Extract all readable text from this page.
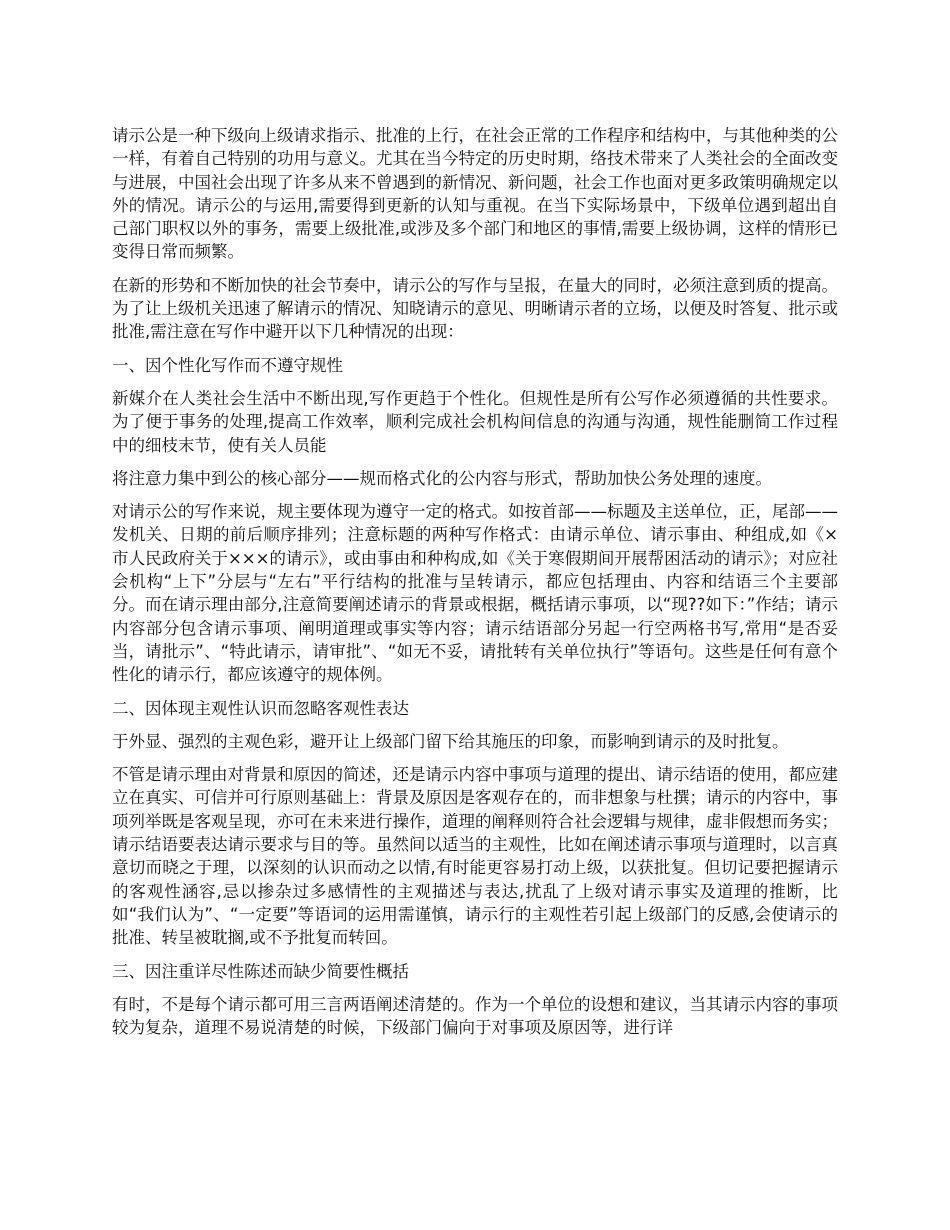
请示公是一种下级向上级请求指示、批准的上行，在社会正常的工作程序和结构中，与其他种类的公一样，有着自己特别的功用与意义。尤其在当今特定的历史时期，络技术带来了人类社会的全面改变与进展，中国社会出现了许多从来不曾遇到的新情况、新问题，社会工作也面对更多政策明确规定以外的情况。请示公的与运用,需要得到更新的认知与重视。在当下实际场景中，下级单位遇到超出自己部门职权以外的事务，需要上级批准,或涉及多个部门和地区的事情,需要上级协调，这样的情形已变得日常而频繁。

在新的形势和不断加快的社会节奏中，请示公的写作与呈报，在量大的同时，必须注意到质的提高。为了让上级机关迅速了解请示的情况、知晓请示的意见、明晰请示者的立场，以便及时答复、批示或批准,需注意在写作中避开以下几种情况的出现：

一、因个性化写作而不遵守规性

新媒介在人类社会生活中不断出现,写作更趋于个性化。但规性是所有公写作必须遵循的共性要求。为了便于事务的处理,提高工作效率，顺利完成社会机构间信息的沟通与沟通，规性能删简工作过程中的细枝末节，使有关人员能

将注意力集中到公的核心部分——规而格式化的公内容与形式，帮助加快公务处理的速度。

对请示公的写作来说，规主要体现为遵守一定的格式。如按首部——标题及主送单位，正，尾部——发机关、日期的前后顺序排列；注意标题的两种写作格式：由请示单位、请示事由、种组成,如《×市人民政府关于×××的请示》，或由事由和种构成,如《关于寒假期间开展帮困活动的请示》；对应社会机构“上下”分层与“左右”平行结构的批准与呈转请示，都应包括理由、内容和结语三个主要部分。而在请示理由部分,注意简要阐述请示的背景或根据，概括请示事项，以“现??如下：”作结；请示内容部分包含请示事项、阐明道理或事实等内容；请示结语部分另起一行空两格书写,常用“是否妥当，请批示”、“特此请示，请审批”、“如无不妥，请批转有关单位执行”等语句。这些是任何有意个性化的请示行，都应该遵守的规体例。

二、因体现主观性认识而忽略客观性表达

于外显、强烈的主观色彩，避开让上级部门留下给其施压的印象，而影响到请示的及时批复。

不管是请示理由对背景和原因的简述，还是请示内容中事项与道理的提出、请示结语的使用，都应建立在真实、可信并可行原则基础上：背景及原因是客观存在的，而非想象与杜撰；请示的内容中，事项列举既是客观呈现，亦可在未来进行操作，道理的阐释则符合社会逻辑与规律，虚非假想而务实；请示结语要表达请示要求与目的等。虽然间以适当的主观性，比如在阐述请示事项与道理时，以言真意切而晓之于理，以深刻的认识而动之以情,有时能更容易打动上级，以获批复。但切记要把握请示的客观性涵容,忌以掺杂过多感情性的主观描述与表达,扰乱了上级对请示事实及道理的推断，比如“我们认为”、“一定要”等语词的运用需谨慎，请示行的主观性若引起上级部门的反感,会使请示的批准、转呈被耽搁,或不予批复而转回。

三、因注重详尽性陈述而缺少简要性概括

有时，不是每个请示都可用三言两语阐述清楚的。作为一个单位的设想和建议，当其请示内容的事项较为复杂，道理不易说清楚的时候，下级部门偏向于对事项及原因等，进行详
